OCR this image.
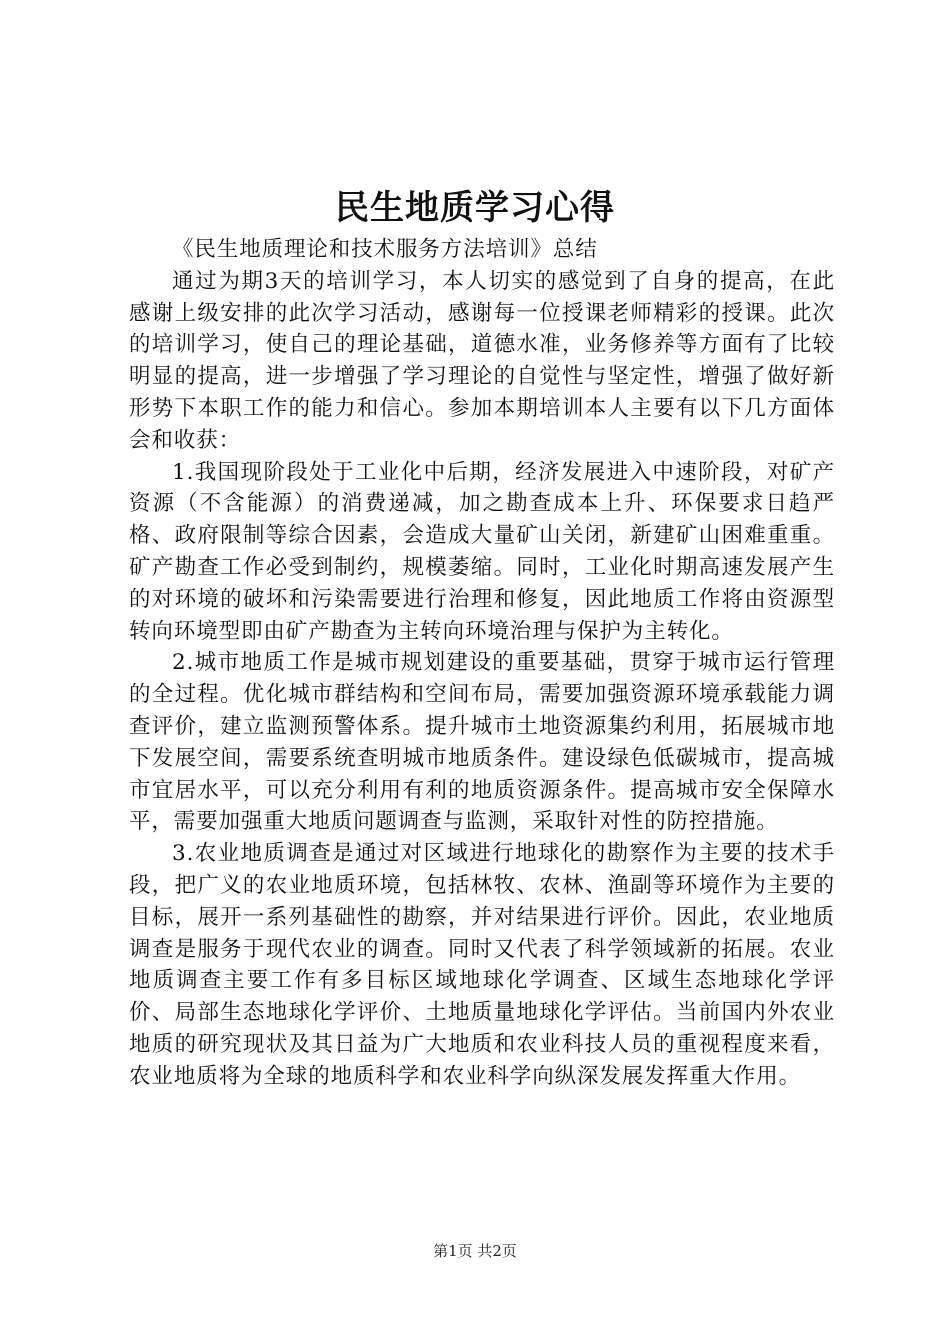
民生地质学习心得

《民生地质理论和技术服务方法培训》总结

通过为期3天的培训学习，本人切实的感觉到了自身的提高，在此感谢上级安排的此次学习活动，感谢每一位授课老师精彩的授课。此次的培训学习，使自己的理论基础，道德水准，业务修养等方面有了比较明显的提高，进一步增强了学习理论的自觉性与坚定性，增强了做好新形势下本职工作的能力和信心。参加本期培训本人主要有以下几方面体会和收获：

1.我国现阶段处于工业化中后期，经济发展进入中速阶段，对矿产资源（不含能源）的消费递减，加之勘查成本上升、环保要求日趋严格、政府限制等综合因素，会造成大量矿山关闭，新建矿山困难重重。矿产勘查工作必受到制约，规模萎缩。同时，工业化时期高速发展产生的对环境的破坏和污染需要进行治理和修复，因此地质工作将由资源型转向环境型即由矿产勘查为主转向环境治理与保护为主转化。

2.城市地质工作是城市规划建设的重要基础，贯穿于城市运行管理的全过程。优化城市群结构和空间布局，需要加强资源环境承载能力调查评价，建立监测预警体系。提升城市土地资源集约利用，拓展城市地下发展空间，需要系统查明城市地质条件。建设绿色低碳城市，提高城市宜居水平，可以充分利用有利的地质资源条件。提高城市安全保障水平，需要加强重大地质问题调查与监测，采取针对性的防控措施。

3.农业地质调查是通过对区域进行地球化的勘察作为主要的技术手段，把广义的农业地质环境，包括林牧、农林、渔副等环境作为主要的目标，展开一系列基础性的勘察，并对结果进行评价。因此，农业地质调查是服务于现代农业的调查。同时又代表了科学领域新的拓展。农业地质调查主要工作有多目标区域地球化学调查、区域生态地球化学评价、局部生态地球化学评价、土地质量地球化学评估。当前国内外农业地质的研究现状及其日益为广大地质和农业科技人员的重视程度来看，农业地质将为全球的地质科学和农业科学向纵深发展发挥重大作用。

第1页 共2页
